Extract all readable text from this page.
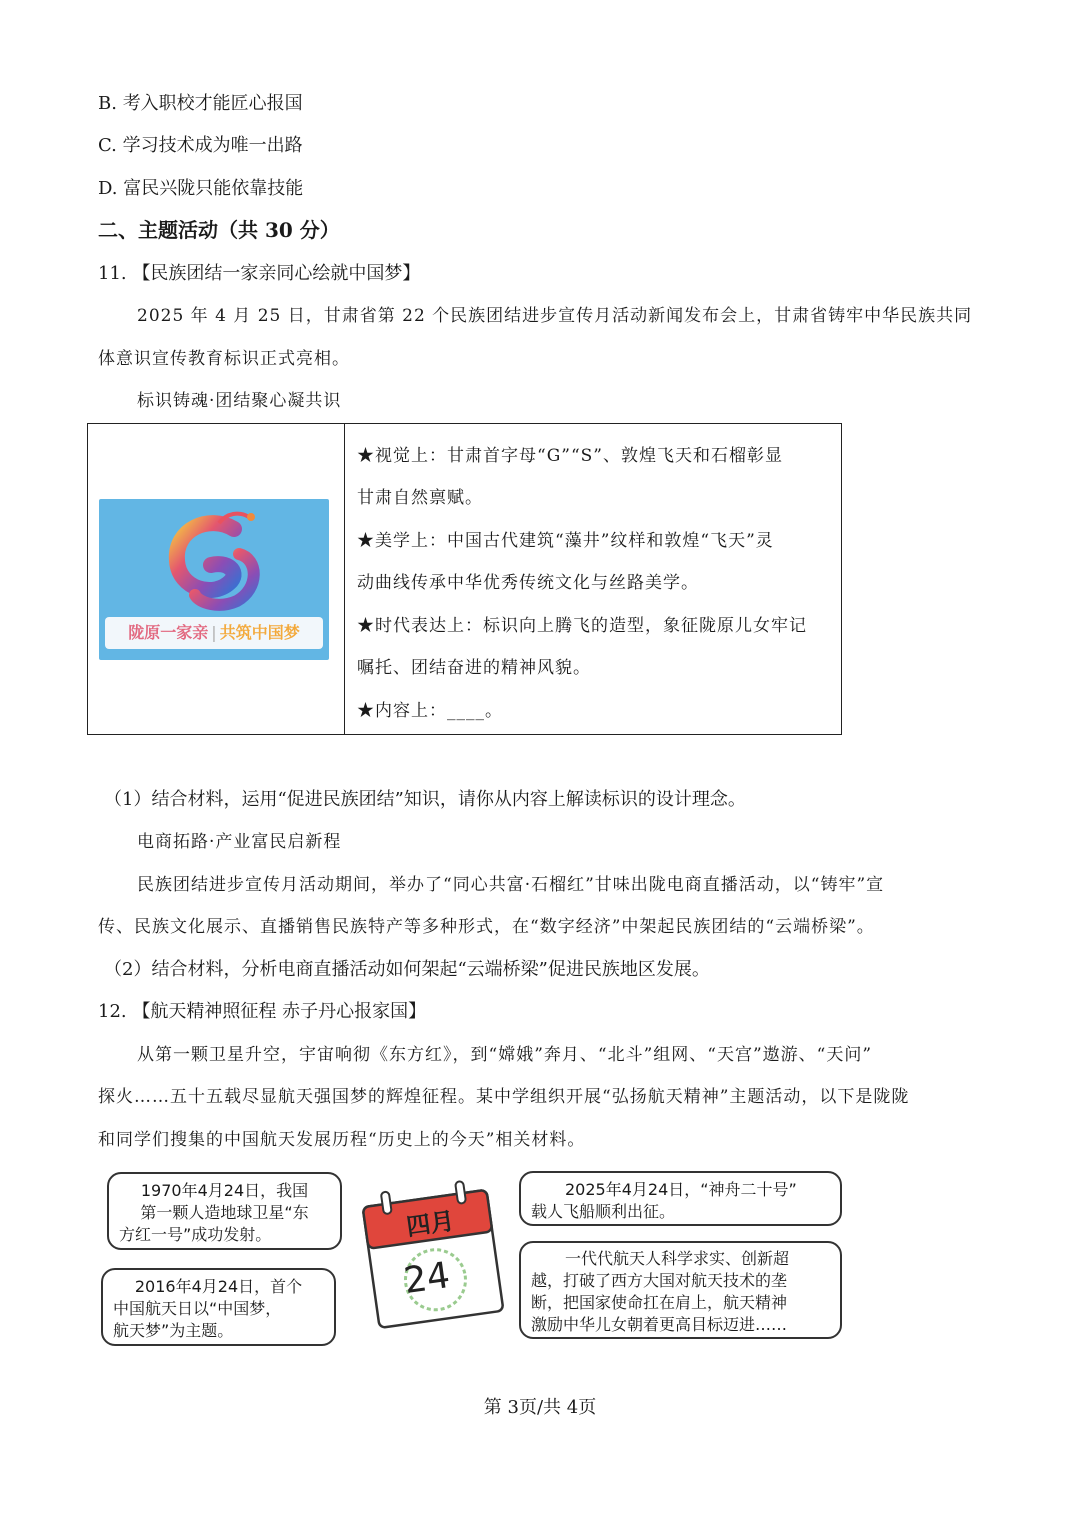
B. 考入职校才能匠心报国
C. 学习技术成为唯一出路
D. 富民兴陇只能依靠技能
二、主题活动（共 30 分）
11. 【民族团结一家亲同心绘就中国梦】
2025 年 4 月 25 日，甘肃省第 22 个民族团结进步宣传月活动新闻发布会上，甘肃省铸牢中华民族共同
体意识宣传教育标识正式亮相。
标识铸魂·团结聚心凝共识
陇原一家亲 | 共筑中国梦
★视觉上：甘肃首字母“G”“S”、敦煌飞天和石榴彰显
甘肃自然禀赋。
★美学上：中国古代建筑“藻井”纹样和敦煌“飞天”灵
动曲线传承中华优秀传统文化与丝路美学。
★时代表达上：标识向上腾飞的造型，象征陇原儿女牢记
嘱托、团结奋进的精神风貌。
★内容上：____。
（1）结合材料，运用“促进民族团结”知识，请你从内容上解读标识的设计理念。
电商拓路·产业富民启新程
民族团结进步宣传月活动期间，举办了“同心共富·石榴红”甘味出陇电商直播活动，以“铸牢”宣
传、民族文化展示、直播销售民族特产等多种形式，在“数字经济”中架起民族团结的“云端桥梁”。
（2）结合材料，分析电商直播活动如何架起“云端桥梁”促进民族地区发展。
12. 【航天精神照征程 赤子丹心报家国】
从第一颗卫星升空，宇宙响彻《东方红》，到“嫦娥”奔月、“北斗”组网、“天宫”遨游、“天问”
探火……五十五载尽显航天强国梦的辉煌征程。某中学组织开展“弘扬航天精神”主题活动，以下是陇陇
和同学们搜集的中国航天发展历程“历史上的今天”相关材料。
1970年4月24日，我国
第一颗人造地球卫星“东
方红一号”成功发射。
2016年4月24日，首个
中国航天日以“中国梦，
航天梦”为主题。
2025年4月24日，“神舟二十号”
载人飞船顺利出征。
一代代航天人科学求实、创新超
越，打破了西方大国对航天技术的垄
断，把国家使命扛在肩上，航天精神
激励中华儿女朝着更高目标迈进……
四月
24
第 3页/共 4页
